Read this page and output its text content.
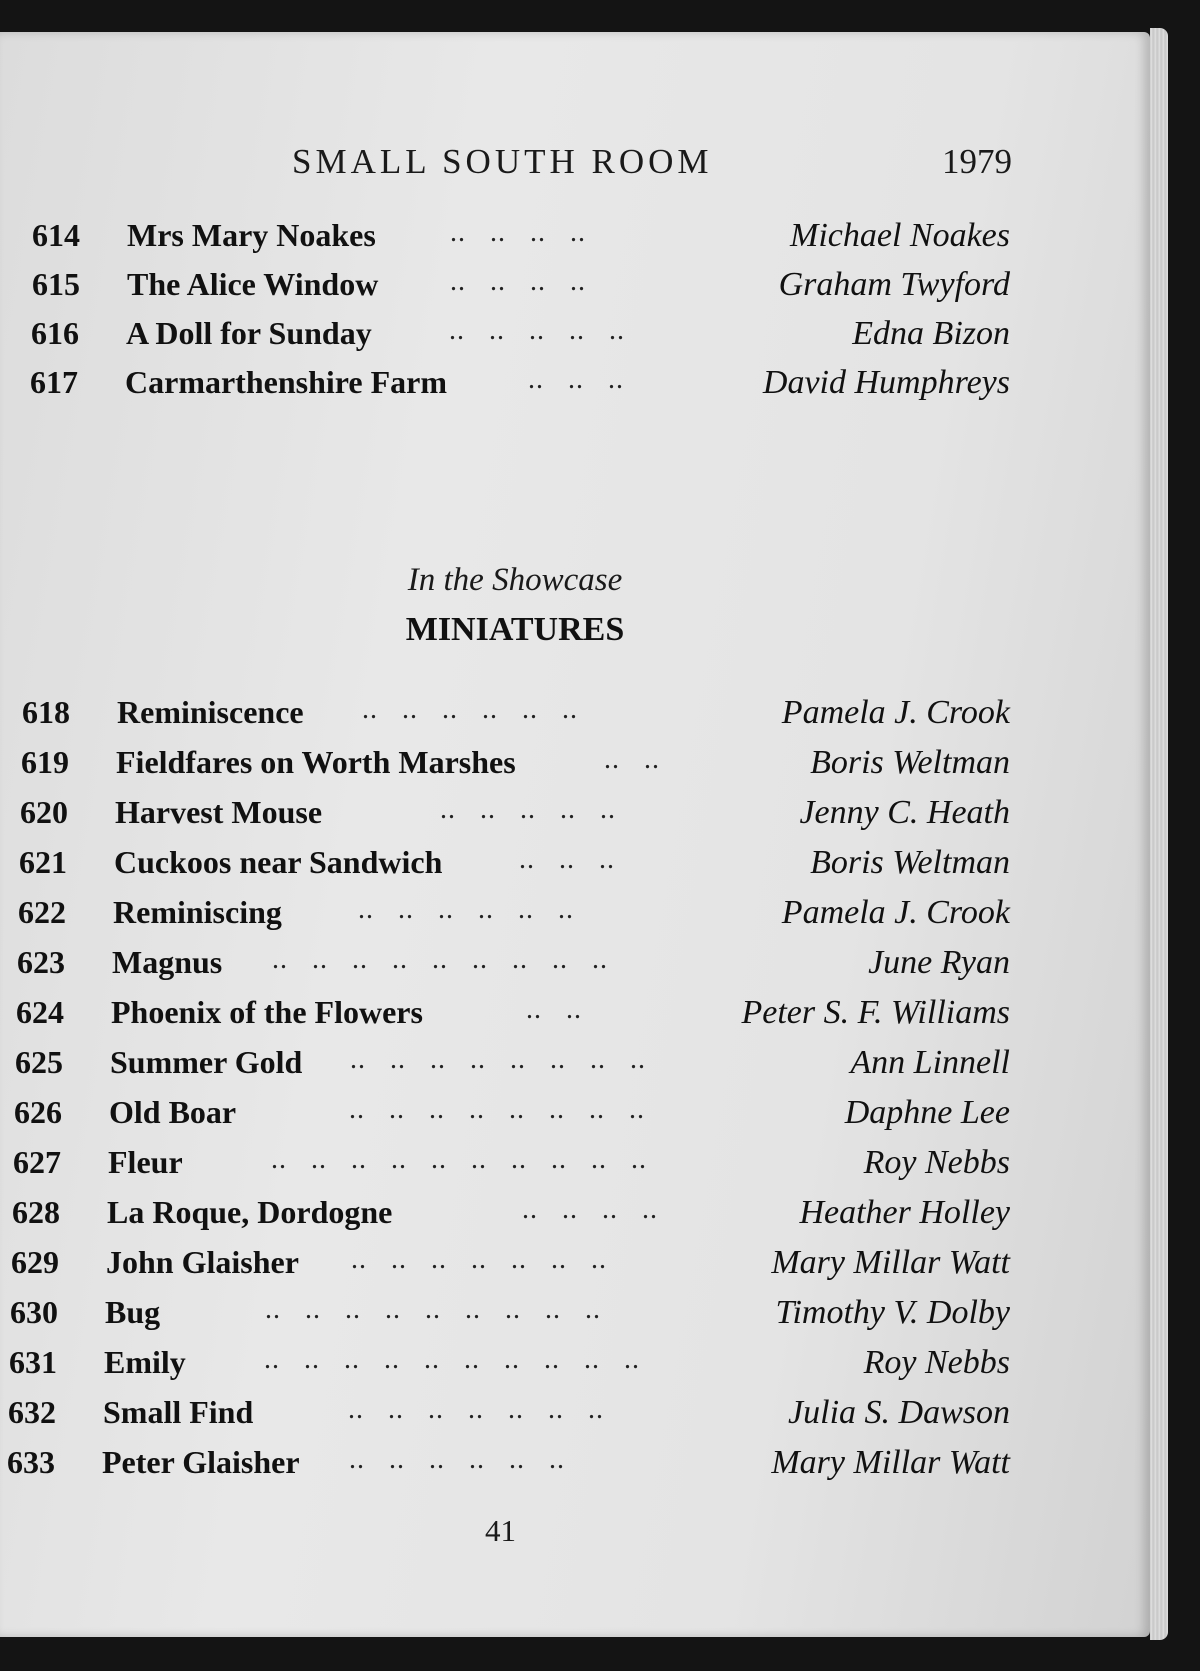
SMALL SOUTH ROOM	1979
614 Mrs Mary Noakes	..   ..   ..   ..	Michael Noakes
615 The Alice Window	..   ..   ..   ..	Graham Twyford
616 A Doll for Sunday	..   ..   ..   ..   ..	Edna Bizon
617 Carmarthenshire Farm	..   ..   ..	David Humphreys
In the Showcase
MINIATURES
618 Reminiscence ..   ..   ..   ..   ..   ..	Pamela J. Crook
619 Fieldfares on Worth Marshes	..   ..	Boris Weltman
620 Harvest Mouse	..   ..   ..   ..   ..	Jenny C. Heath
621 Cuckoos near Sandwich	..   ..   ..	Boris Weltman
622 Reminiscing	..   ..   ..   ..   ..   ..	Pamela J. Crook
623 Magnus ..   ..   ..   ..   ..   ..   ..   ..   ..	June Ryan
624 Phoenix of the Flowers	..   ..	Peter S. F. Williams
625 Summer Gold ..   ..   ..   ..   ..   ..   ..   ..	Ann Linnell
626 Old Boar	..   ..   ..   ..   ..   ..   ..   ..	Daphne Lee
627 Fleur	..   ..   ..   ..   ..   ..   ..   ..   ..   ..	Roy Nebbs
628 La Roque, Dordogne	..   ..   ..   ..	Heather Holley
629 John Glaisher ..   ..   ..   ..   ..   ..   ..	Mary Millar Watt
630 Bug	..   ..   ..   ..   ..   ..   ..   ..   ..	Timothy V. Dolby
631 Emily	..   ..   ..   ..   ..   ..   ..   ..   ..   ..	Roy Nebbs
632 Small Find	..   ..   ..   ..   ..   ..   ..	Julia S. Dawson
633 Peter Glaisher ..   ..   ..   ..   ..   ..	Mary Millar Watt
41
